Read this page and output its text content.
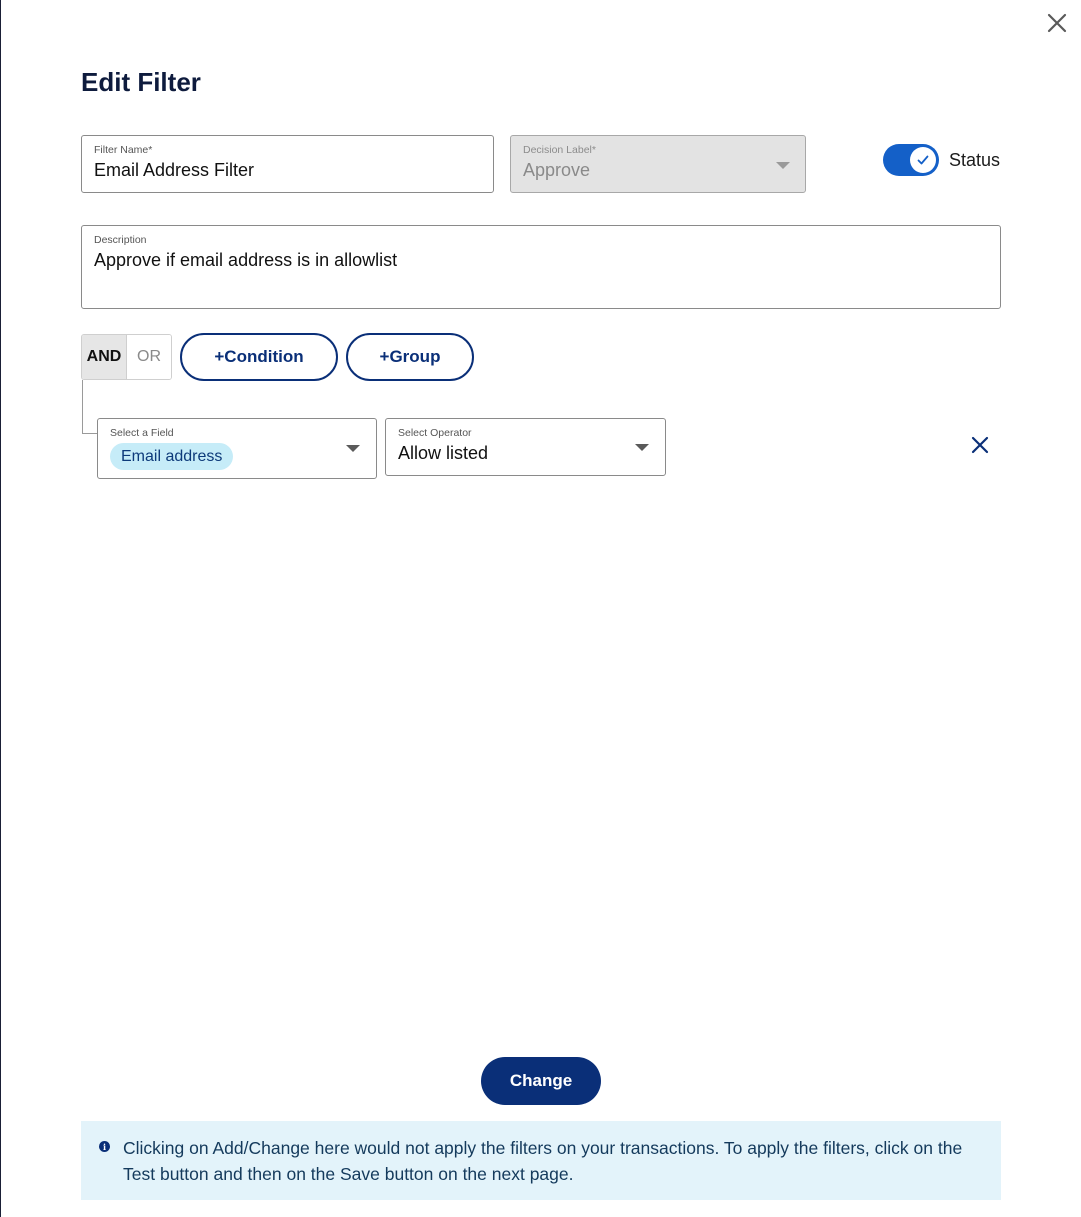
Edit Filter
Filter Name*
Email Address Filter
Decision Label*
Approve	Status
Description
Approve if email address is in allowlist
AND OR	+Condition	+Group
Select a Field
Email address
Select Operator
Allow listed
Change
i Clicking on Add/Change here would not apply the filters on your transactions. To apply the filters, click on the Test button and then on the Save button on the next page.
